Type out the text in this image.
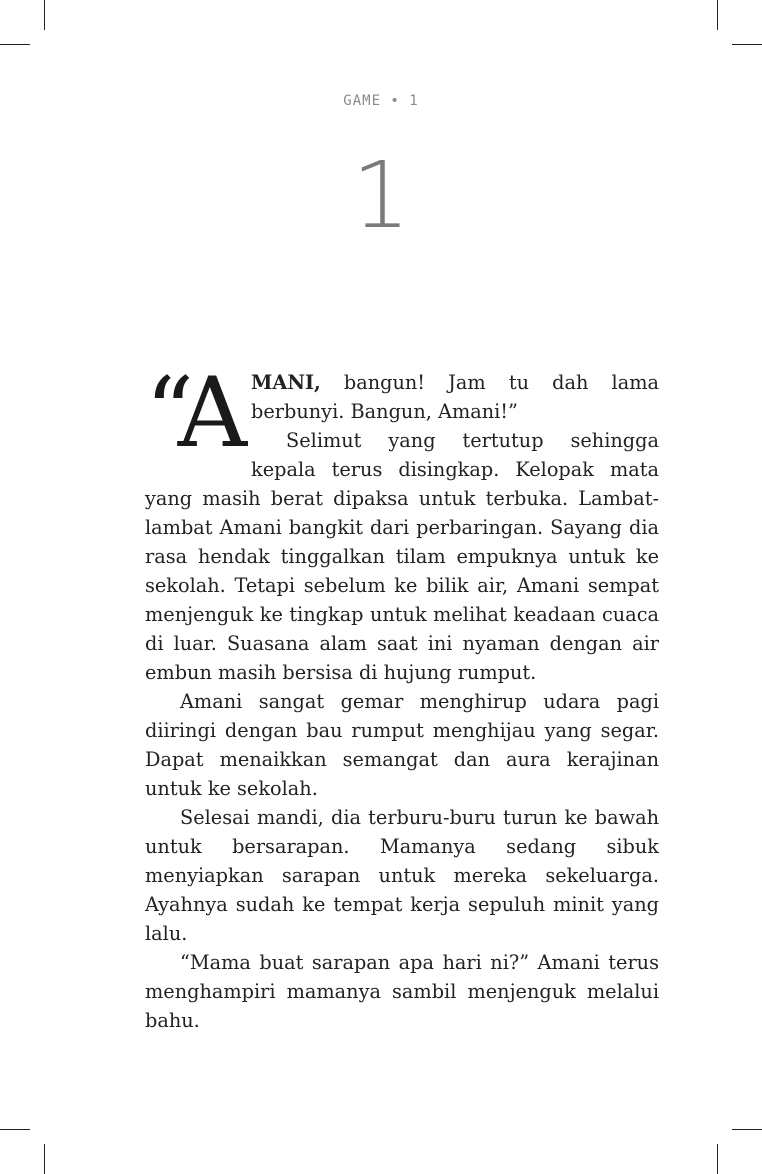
GAME • 1
1

“AMANI, bangun! Jam tu dah lama berbunyi. Bangun, Amani!”

Selimut yang tertutup sehingga kepala terus disingkap. Kelopak mata yang masih berat dipaksa untuk terbuka. Lambat-lambat Amani bangkit dari perbaringan. Sayang dia rasa hendak tinggalkan tilam empuknya untuk ke sekolah. Tetapi sebelum ke bilik air, Amani sempat menjenguk ke tingkap untuk melihat keadaan cuaca di luar. Suasana alam saat ini nyaman dengan air embun masih bersisa di hujung rumput.

Amani sangat gemar menghirup udara pagi diiringi dengan bau rumput menghijau yang segar. Dapat menaikkan semangat dan aura kerajinan untuk ke sekolah.

Selesai mandi, dia terburu-buru turun ke bawah untuk bersarapan. Mamanya sedang sibuk menyiapkan sarapan untuk mereka sekeluarga. Ayahnya sudah ke tempat kerja sepuluh minit yang lalu.

“Mama buat sarapan apa hari ni?” Amani terus menghampiri mamanya sambil menjenguk melalui bahu.
